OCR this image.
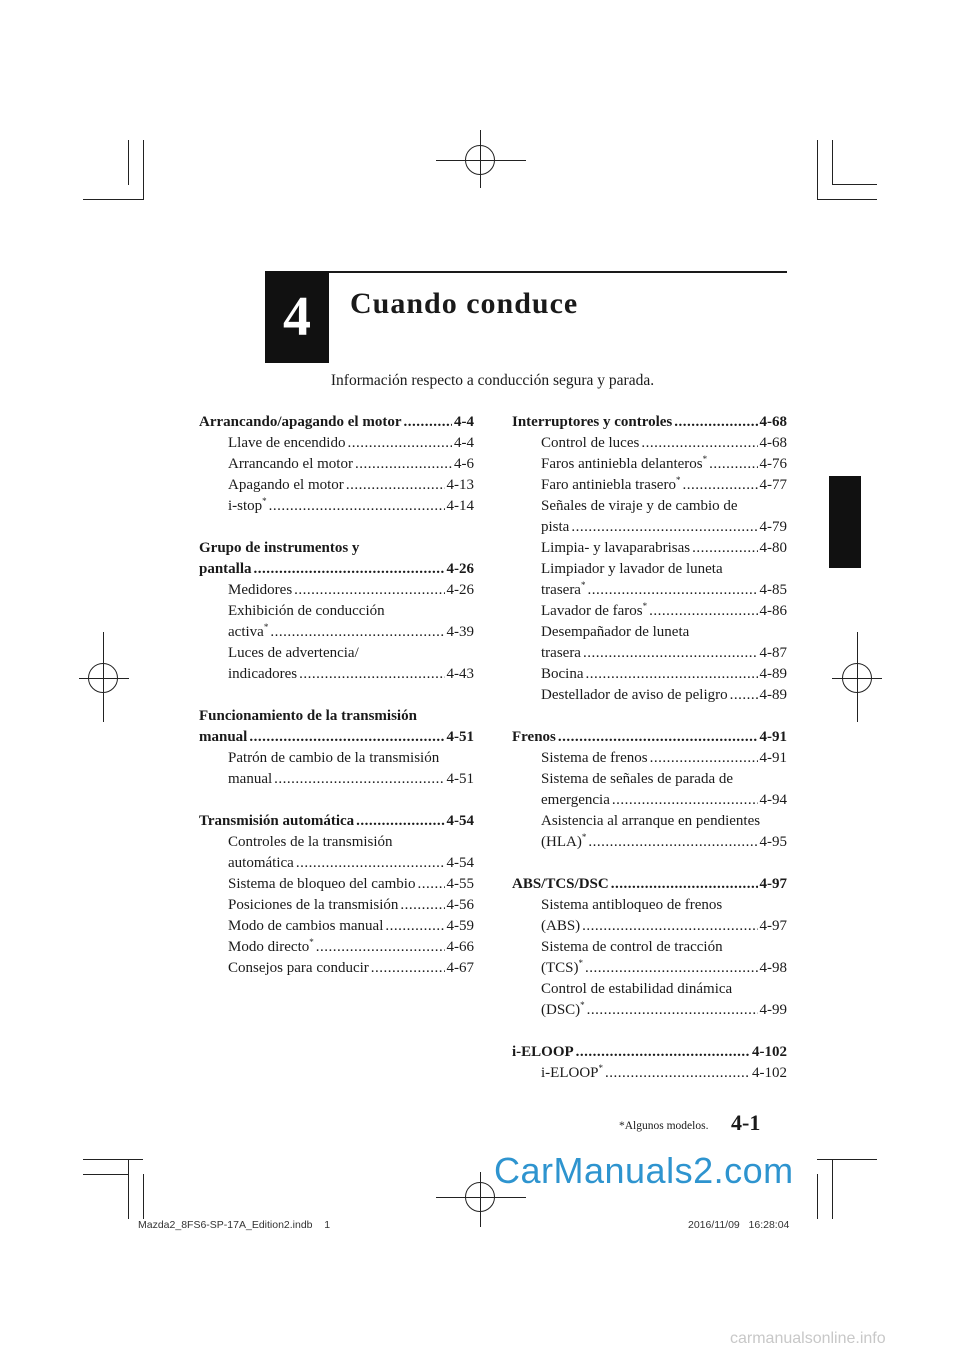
4 Cuando conduce
Información respecto a conducción segura y parada.
Arrancando/apagando el motor .....	4-4
Llave de encendido .....	4-4
Arrancando el motor .....	4-6
Apagando el motor .....	4-13
i-stop* .....	4-14
Grupo de instrumentos y
pantalla .....	4-26
Medidores .....	4-26
Exhibición de conducción
activa* .....	4-39
Luces de advertencia/
indicadores .....	4-43
Funcionamiento de la transmisión
manual .....	4-51
Patrón de cambio de la transmisión
manual .....	4-51
Transmisión automática .....	4-54
Controles de la transmisión
automática .....	4-54
Sistema de bloqueo del cambio ..... 4-55
Posiciones de la transmisión .....	4-56
Modo de cambios manual .....	4-59
Modo directo* .....	4-66
Consejos para conducir .....	4-67
Interruptores y controles .....	4-68
Control de luces .....	4-68
Faros antiniebla delanteros* .....	4-76
Faro antiniebla trasero* .....	4-77
Señales de viraje y de cambio de
pista .....	4-79
Limpia- y lavaparabrisas .....	4-80
Limpiador y lavador de luneta
trasera* .....	4-85
Lavador de faros* .....	4-86
Desempañador de luneta
trasera .....	4-87
Bocina .....	4-89
Destellador de aviso de peligro ..... 4-89
Frenos .....	4-91
Sistema de frenos .....	4-91
Sistema de señales de parada de
emergencia .....	4-94
Asistencia al arranque en pendientes
(HLA)* .....	4-95
ABS/TCS/DSC .....	4-97
Sistema antibloqueo de frenos
(ABS) .....	4-97
Sistema de control de tracción
(TCS)* .....	4-98
Control de estabilidad dinámica
(DSC)* .....	4-99
i-ELOOP .....	4-102
i-ELOOP* .....	4-102
*Algunos modelos. 4-1
CarManuals2.com
Mazda2_8FS6-SP-17A_Edition2.indb    1	2016/11/09   16:28:04
carmanualsonline.info
